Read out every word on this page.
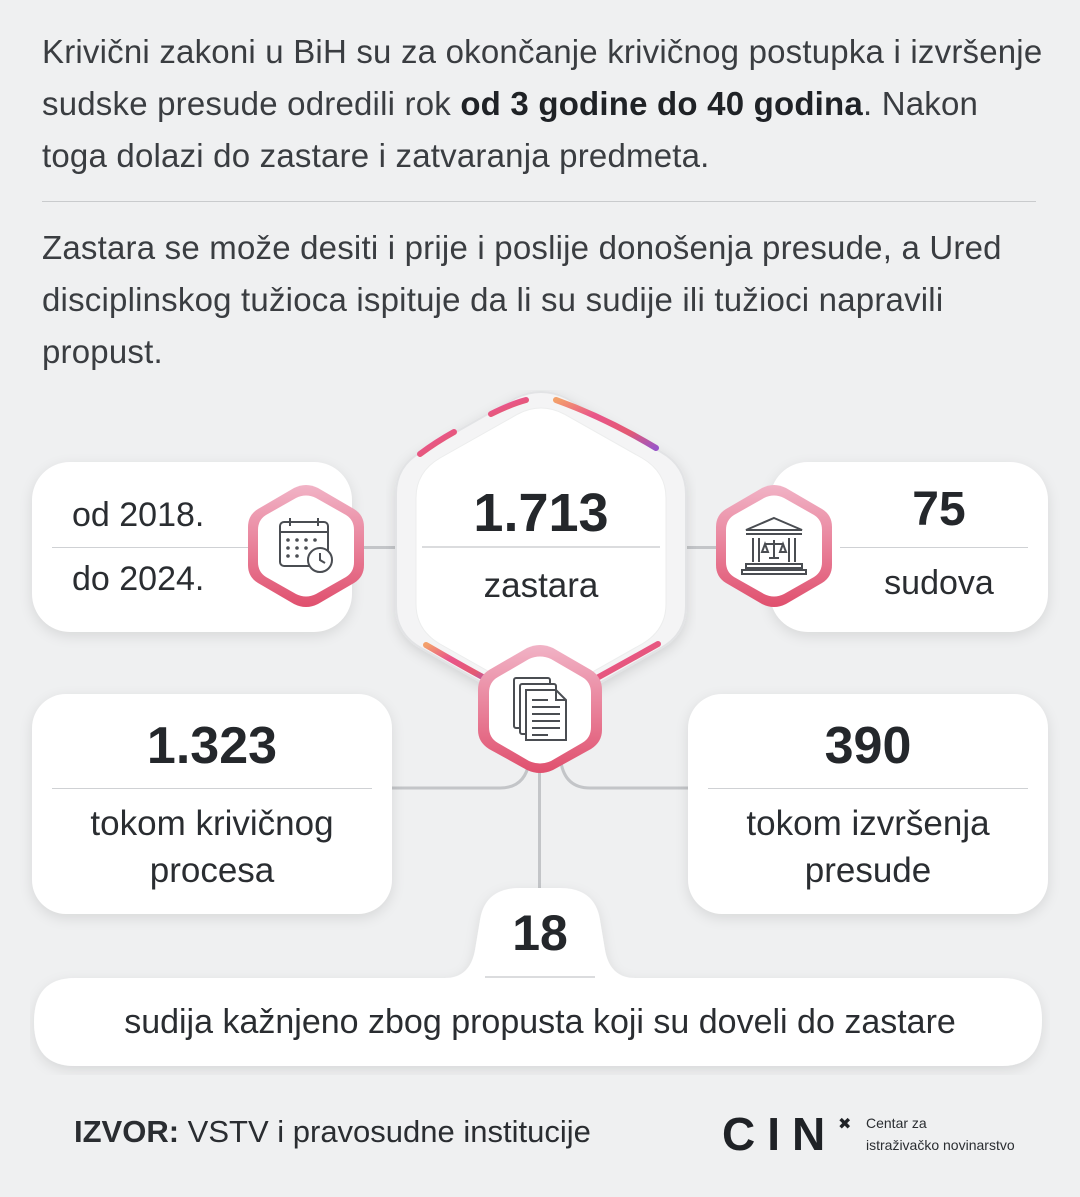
Krivični zakoni u BiH su za okončanje krivičnog postupka i izvršenje sudske presude odredili rok od 3 godine do 40 godina. Nakon toga dolazi do zastare i zatvaranja predmeta.

Zastara se može desiti i prije i poslije donošenja presude, a Ured disciplinskog tužioca ispituje da li su sudije ili tužioci napravili propust.

od 2018.
do 2024.
75
sudova
1.323
tokom krivičnog
procesa
390
tokom izvršenja
presude
18
sudija kažnjeno zbog propusta koji su doveli do zastare
1.713
zastara
IZVOR: VSTV i pravosudne institucije	CIN ✖ Centar za
istraživačko novinarstvo
